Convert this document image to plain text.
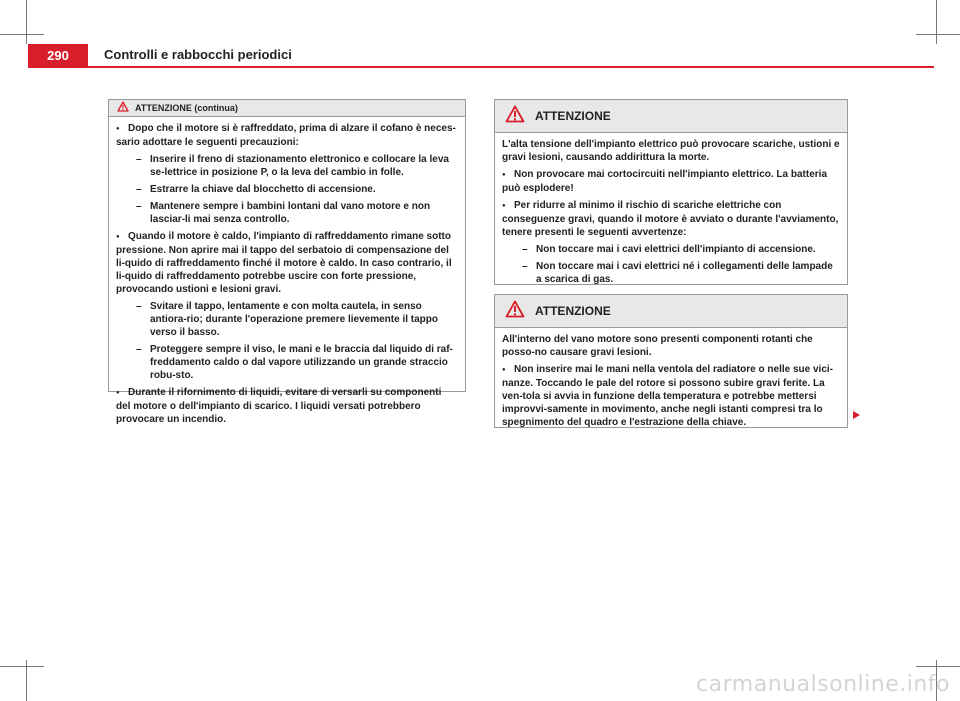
290	Controlli e rabbocchi periodici
ATTENZIONE (continua)
● Dopo che il motore si è raffreddato, prima di alzare il cofano è neces-sario adottare le seguenti precauzioni:
– Inserire il freno di stazionamento elettronico e collocare la leva se-lettrice in posizione P, o la leva del cambio in folle.
– Estrarre la chiave dal blocchetto di accensione.
– Mantenere sempre i bambini lontani dal vano motore e non lasciar-li mai senza controllo.
● Quando il motore è caldo, l'impianto di raffreddamento rimane sotto pressione. Non aprire mai il tappo del serbatoio di compensazione del li-quido di raffreddamento finché il motore è caldo. In caso contrario, il li-quido di raffreddamento potrebbe uscire con forte pressione, provocando ustioni e lesioni gravi.
– Svitare il tappo, lentamente e con molta cautela, in senso antiora-rio; durante l'operazione premere lievemente il tappo verso il basso.
– Proteggere sempre il viso, le mani e le braccia dal liquido di raf-freddamento caldo o dal vapore utilizzando un grande straccio robu-sto.
● Durante il rifornimento di liquidi, evitare di versarli su componenti del motore o dell'impianto di scarico. I liquidi versati potrebbero provocare un incendio.
ATTENZIONE
L'alta tensione dell'impianto elettrico può provocare scariche, ustioni e gravi lesioni, causando addirittura la morte.
● Non provocare mai cortocircuiti nell'impianto elettrico. La batteria può esplodere!
● Per ridurre al minimo il rischio di scariche elettriche con conseguenze gravi, quando il motore è avviato o durante l'avviamento, tenere presenti le seguenti avvertenze:
– Non toccare mai i cavi elettrici dell'impianto di accensione.
– Non toccare mai i cavi elettrici né i collegamenti delle lampade a scarica di gas.
ATTENZIONE
All'interno del vano motore sono presenti componenti rotanti che posso-no causare gravi lesioni.
● Non inserire mai le mani nella ventola del radiatore o nelle sue vici-nanze. Toccando le pale del rotore si possono subire gravi ferite. La ven-tola si avvia in funzione della temperatura e potrebbe mettersi improvvi-samente in movimento, anche negli istanti compresi tra lo spegnimento del quadro e l'estrazione della chiave.
carmanualsonline.info
